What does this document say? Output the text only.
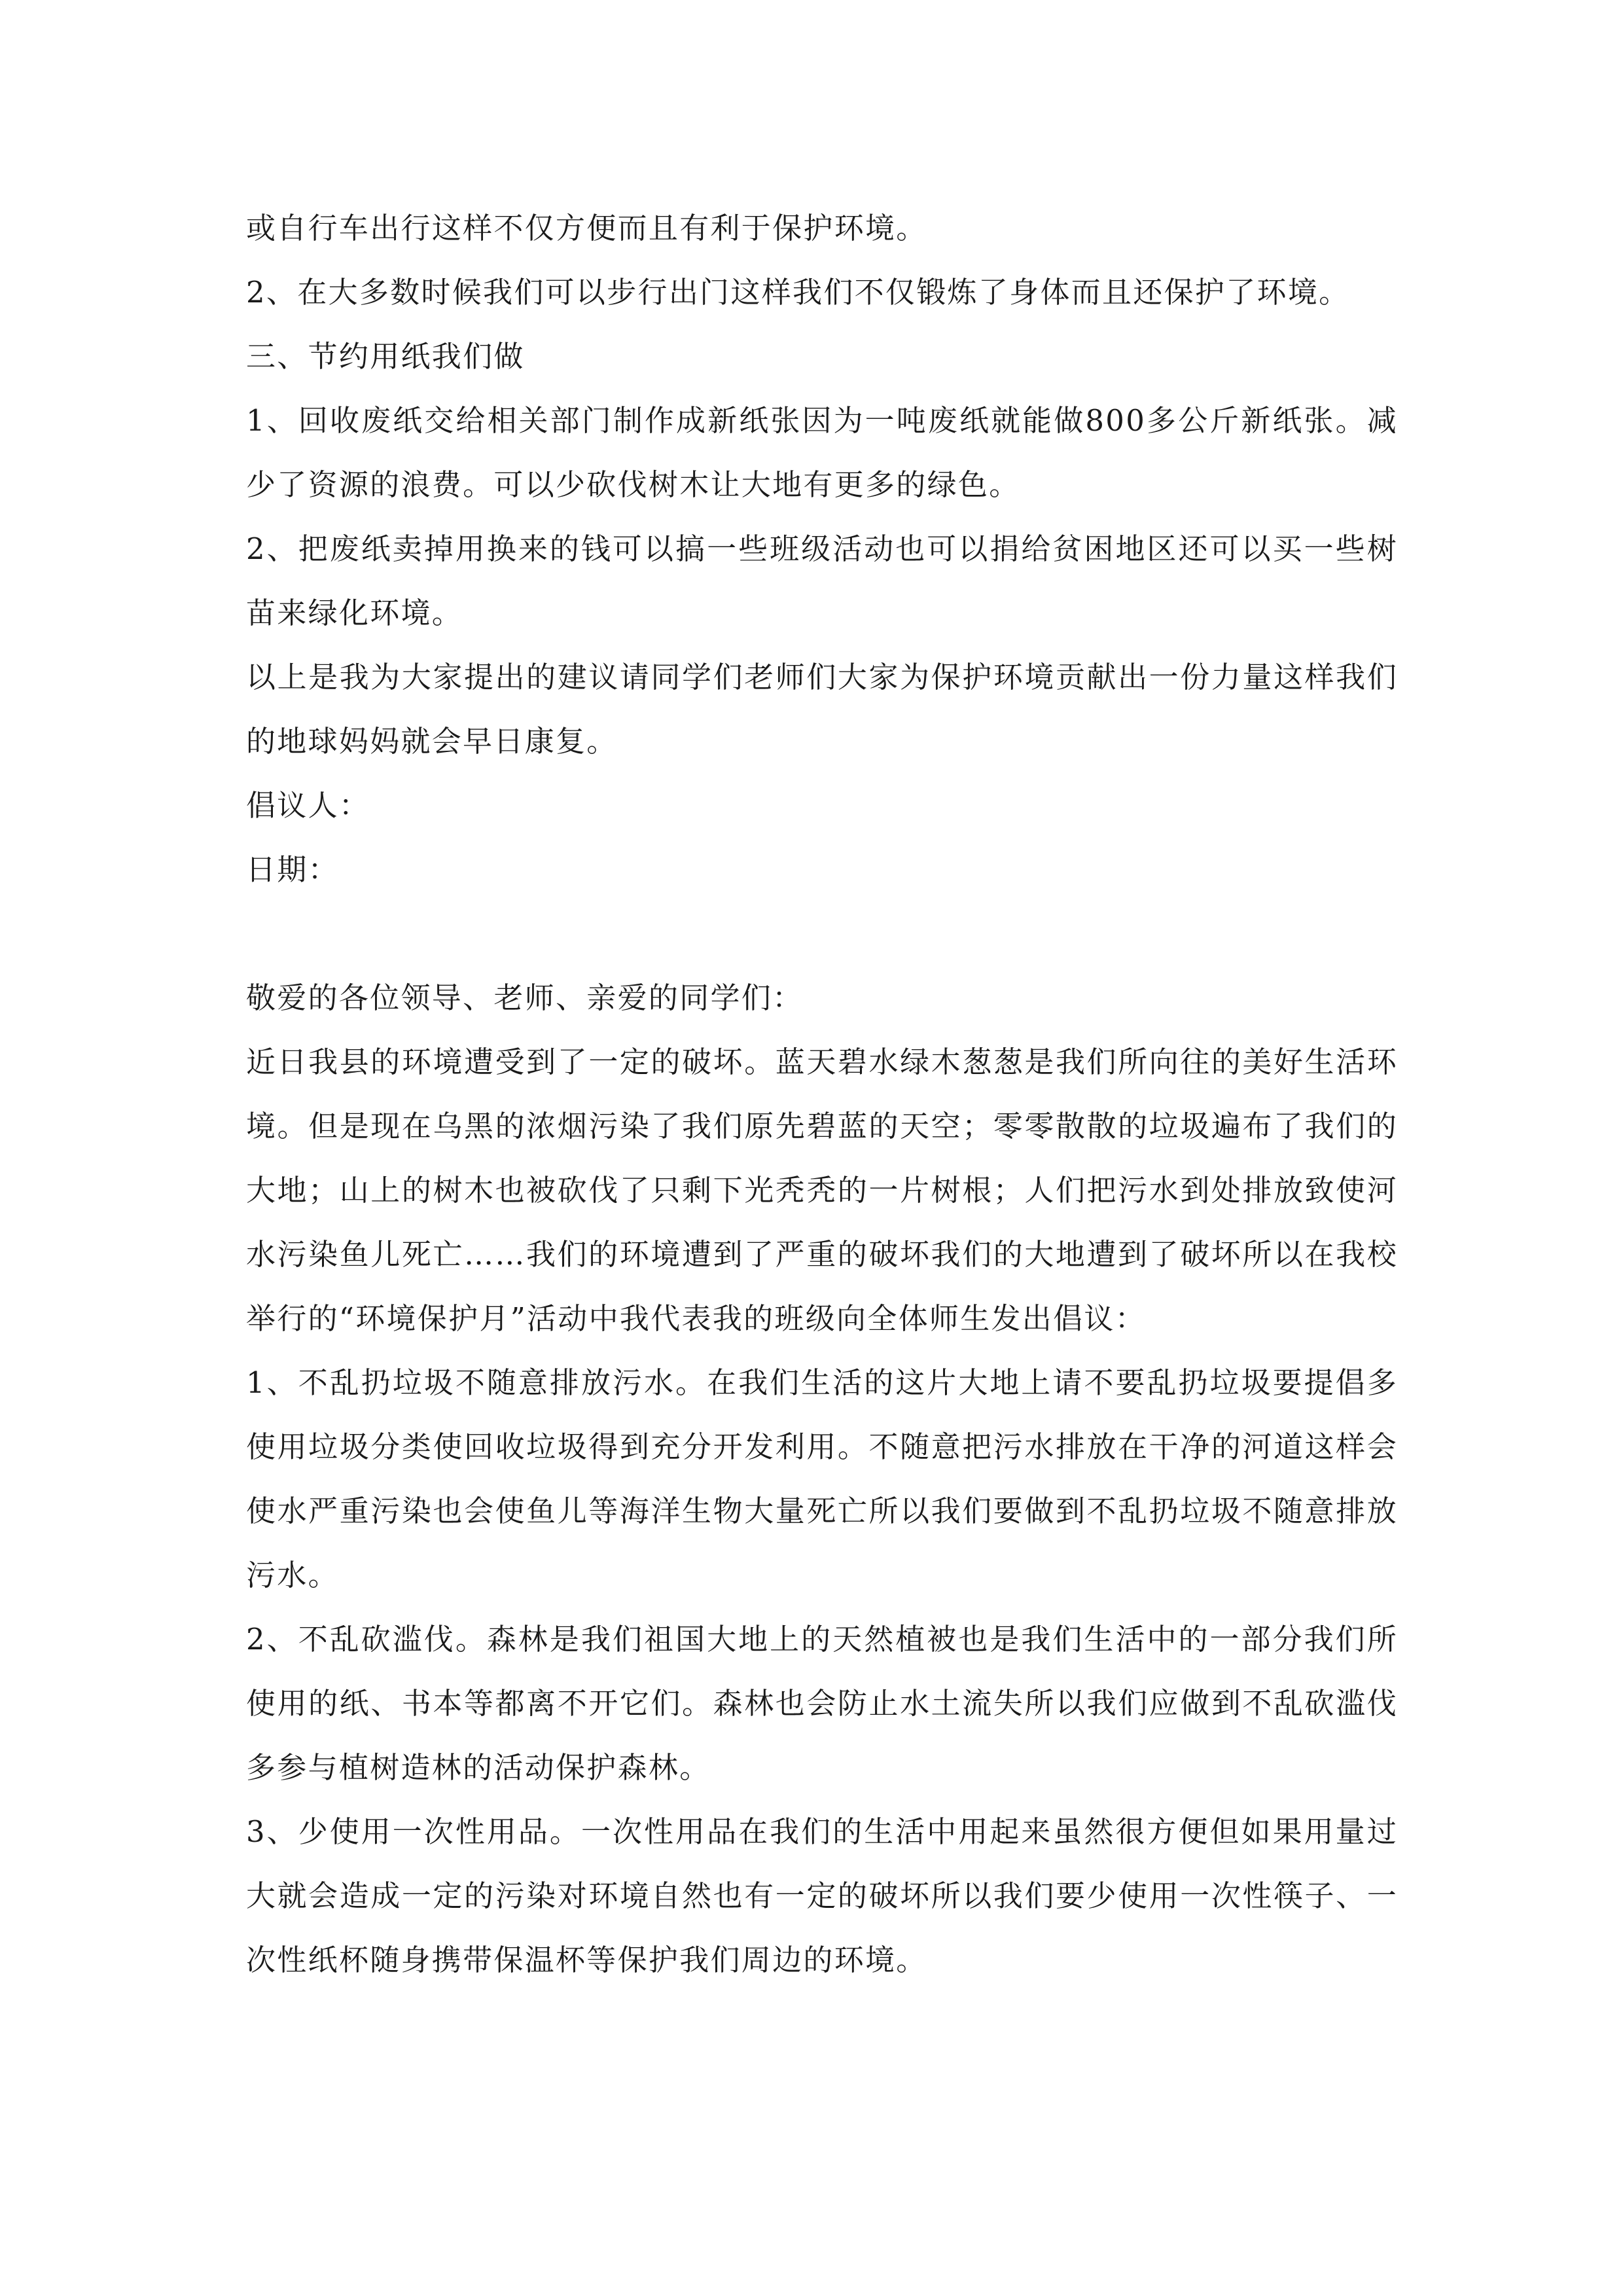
或自行车出行这样不仅方便而且有利于保护环境。

2、在大多数时候我们可以步行出门这样我们不仅锻炼了身体而且还保护了环境。

三、节约用纸我们做

1、回收废纸交给相关部门制作成新纸张因为一吨废纸就能做800多公斤新纸张。减少了资源的浪费。可以少砍伐树木让大地有更多的绿色。

2、把废纸卖掉用换来的钱可以搞一些班级活动也可以捐给贫困地区还可以买一些树苗来绿化环境。

以上是我为大家提出的建议请同学们老师们大家为保护环境贡献出一份力量这样我们的地球妈妈就会早日康复。

倡议人：

日期：

敬爱的各位领导、老师、亲爱的同学们：

近日我县的环境遭受到了一定的破坏。蓝天碧水绿木葱葱是我们所向往的美好生活环境。但是现在乌黑的浓烟污染了我们原先碧蓝的天空；零零散散的垃圾遍布了我们的大地；山上的树木也被砍伐了只剩下光秃秃的一片树根；人们把污水到处排放致使河水污染鱼儿死亡……我们的环境遭到了严重的破坏我们的大地遭到了破坏所以在我校举行的“环境保护月”活动中我代表我的班级向全体师生发出倡议：

1、不乱扔垃圾不随意排放污水。在我们生活的这片大地上请不要乱扔垃圾要提倡多使用垃圾分类使回收垃圾得到充分开发利用。不随意把污水排放在干净的河道这样会使水严重污染也会使鱼儿等海洋生物大量死亡所以我们要做到不乱扔垃圾不随意排放污水。

2、不乱砍滥伐。森林是我们祖国大地上的天然植被也是我们生活中的一部分我们所使用的纸、书本等都离不开它们。森林也会防止水土流失所以我们应做到不乱砍滥伐多参与植树造林的活动保护森林。

3、少使用一次性用品。一次性用品在我们的生活中用起来虽然很方便但如果用量过大就会造成一定的污染对环境自然也有一定的破坏所以我们要少使用一次性筷子、一次性纸杯随身携带保温杯等保护我们周边的环境。
